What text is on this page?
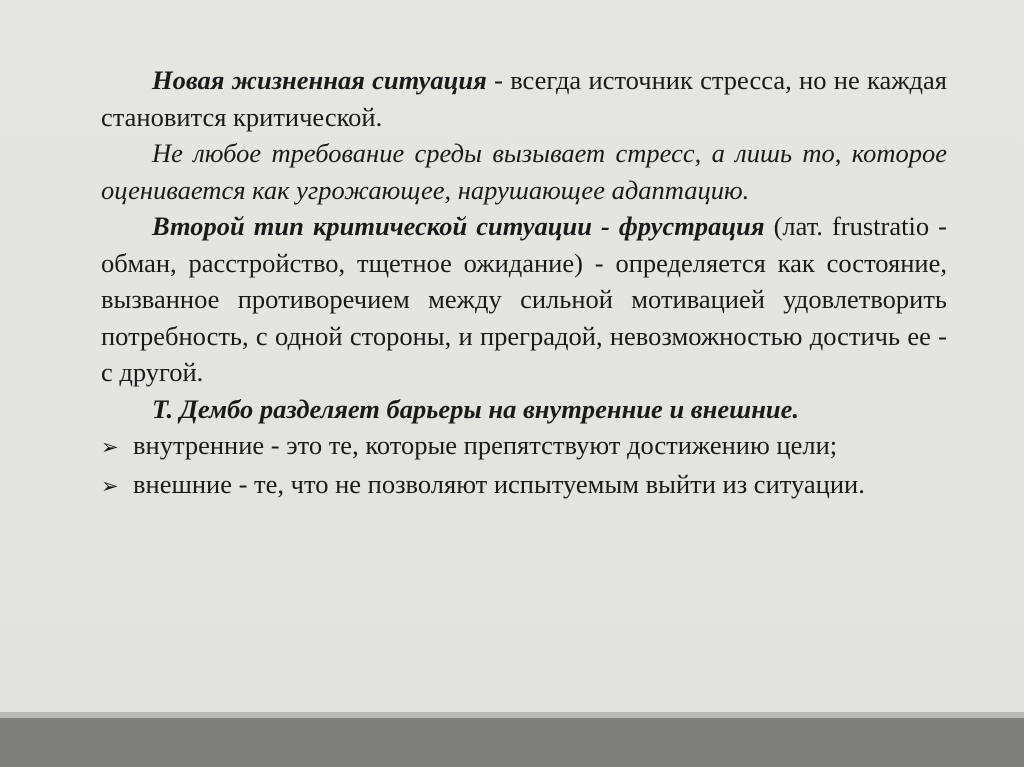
Новая жизненная ситуация - всегда источник стресса, но не каждая становится критической.

Не любое требование среды вызывает стресс, а лишь то, которое оценивается как угрожающее, нарушающее адаптацию.

Второй тип критической ситуации - фрустрация (лат. frustratio - обман, расстройство, тщетное ожидание) - определяется как состояние, вызванное противоречием между сильной мотивацией удовлетворить потребность, с одной стороны, и преградой, невозможностью достичь ее - с другой.

Т. Дембо разделяет барьеры на внутренние и внешние.

➢ внутренние - это те, которые препятствуют достижению цели;
➢ внешние - те, что не позволяют испытуемым выйти из ситуации.
